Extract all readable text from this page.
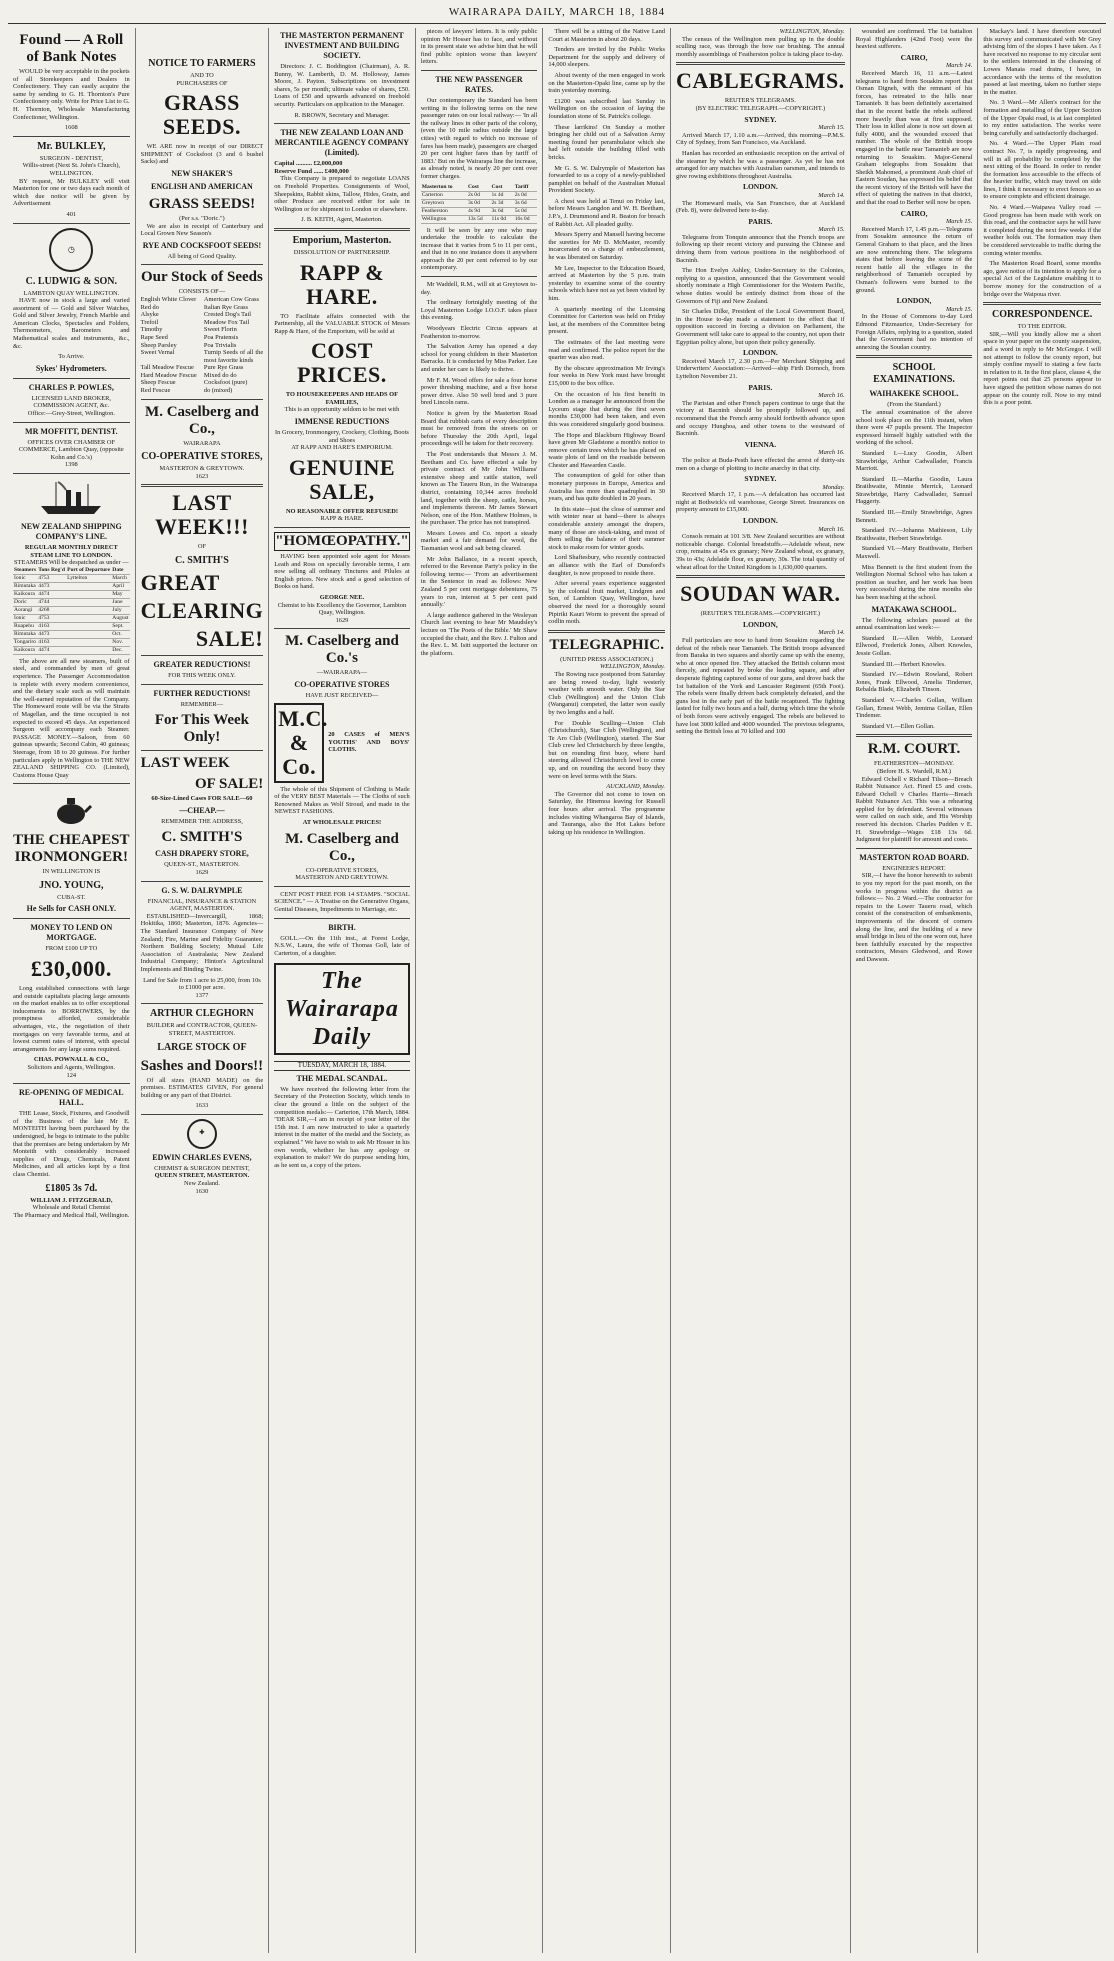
WAIRARAPA DAILY, MARCH 18, 1884
Found — A Roll of Bank Notes
WOULD be very acceptable in the pockets of all Storekeepers and Dealers in Confectionery. They can easily acquire the same by sending to G. H. Thornton's Pure Confectionery only. Write for Price List to G. H. Thornton, Wholesale Manufacturing Confectioner, Wellington.
1608
Mr. BULKLEY,
SURGEON - DENTIST,
Willis-street (Next St. John's Church), WELLINGTON.
BY request, Mr BULKLEY will visit Masterton for one or two days each month of which due notice will be given by Advertisement
401
◷
C. LUDWIG & SON.
LAMBTON QUAY WELLINGTON.
HAVE now in stock a large and varied assortment of — Gold and Silver Watches, Gold and Silver Jewelry, French Marble and American Clocks, Spectacles and Folders, Thermometers, Barometers and Mathematical scales and instruments, &c., &c.
To Arrive.
Sykes' Hydrometers.
CHARLES P. POWLES,
LICENSED LAND BROKER, COMMISSION AGENT, &c.
Office:—Grey-Street, Wellington.
MR MOFFITT, DENTIST.
OFFICES OVER CHAMBER OF COMMERCE, Lambton Quay, (opposite Kohn and Co.'s)
1398
NEW ZEALAND SHIPPING COMPANY'S LINE.
REGULAR MONTHLY DIRECT STEAM LINE TO LONDON.
STEAMERS Will be despatched as under —
Steamers	Tons Reg'd	Port of Departure	Date
Ionic	4753	Lyttelton	March
Rimutaka	4473		April
Kaikoura	4474		May
Doric	4744		June
Aorangi	4268		July
Ionic	4753		August
Ruapehu	4163		Sept.
Rimutaka	4473		Oct.
Tongariro	4163		Nov.
Kaikoura	4474		Dec.
The above are all new steamers, built of steel, and commanded by men of great experience. The Passenger Accommodation is replete with every modern convenience, and the dietary scale such as will maintain the well-earned reputation of the Company. The Homeward route will be via the Straits of Magellan, and the time occupied is not expected to exceed 45 days. An experienced Surgeon will accompany each Steamer. PASSAGE MONEY.—Saloon, from 60 guineas upwards; Second Cabin, 40 guineas; Steerage, from 18 to 20 guineas. For further particulars apply in Wellington to THE NEW ZEALAND SHIPPING CO. (Limited), Customs House Quay
THE CHEAPEST IRONMONGER!
IN WELLINGTON IS
JNO. YOUNG,
CUBA-ST.
He Sells for CASH ONLY.
MONEY TO LEND ON MORTGAGE.
FROM £100 UP TO
£30,000.
Long established connections with large and outside capitalists placing large amounts on the market enables us to offer exceptional inducements to BORROWERS, by the promptness afforded, considerable advantages, viz., the negotiation of their mortgages on very favorable terms, and at lowest current rates of interest, with special arrangements for any large sums required.
CHAS. POWNALL & CO.,
Solicitors and Agents, Wellington.
124
RE-OPENING OF MEDICAL HALL.
THE Lease, Stock, Fixtures, and Goodwill of the Business of the late Mr E. MONTEITH having been purchased by the undersigned, he begs to intimate to the public that the premises are being undertaken by Mr Monteith with considerably increased supplies of Drugs, Chemicals, Patent Medicines, and all articles kept by a first class Chemist.
£1805 3s 7d.
WILLIAM J. FITZGERALD,
Wholesale and Retail Chemist
The Pharmacy and Medical Hall, Wellington.
NOTICE TO FARMERS
AND TO
PURCHASERS OF
GRASS SEEDS.
WE ARE now in receipt of our DIRECT SHIPMENT of Cocksfoot (3 and 6 bushel Sacks) and
NEW SHAKER'S
ENGLISH AND AMERICAN
GRASS SEEDS!
(Per s.s. "Doric.")
We are also in receipt of Canterbury and Local Grown New Season's
RYE AND COCKSFOOT SEEDS!
All being of Good Quality.
Our Stock of Seeds
CONSISTS OF—
English White Clover	American Cow Grass
Red do	Italian Rye Grass
Alsyke	Crested Dog's Tail
Trefoil	Meadow Fox Tail
Timothy	Sweet Florin
Rape Seed	Poa Pratensis
Sheep Parsley	Poa Trivialis
Sweet Vernal	Turnip Seeds of all the most favorite kinds
Tall Meadow Fescue	Pure Rye Grass
Hard Meadow Fescue	Mixed do do
Sheep Fescue	Cocksfoot (pure)
Red Fescue	do (mixed)
M. Caselberg and Co.,
WAIRARAPA
CO-OPERATIVE STORES,
MASTERTON & GREYTOWN.
1623
LAST WEEK!!!
OF
C. SMITH'S
GREAT
CLEARING
SALE!
GREATER REDUCTIONS!
FOR THIS WEEK ONLY.
FURTHER REDUCTIONS!
REMEMBER—
For This Week Only!
LAST WEEK
OF SALE!
60-Size-Lined Cases FOR SALE—60
—CHEAP.—
REMEMBER THE ADDRESS,
C. SMITH'S
CASH DRAPERY STORE,
QUEEN-ST., MASTERTON.
1629
G. S. W. DALRYMPLE
FINANCIAL, INSURANCE & STATION AGENT, MASTERTON.
ESTABLISHED—Invercargill, 1868; Hokitika, 1860; Masterton, 1876. Agencies—The Standard Insurance Company of New Zealand; Fire, Marine and Fidelity Guarantee; Northern Building Society; Mutual Life Association of Australasia; New Zealand Industrial Company; Hinton's Agricultural Implements and Binding Twine.
Land for Sale from 1 acre to 25,000, from 10s to £1000 per acre.
1377
ARTHUR CLEGHORN
BUILDER and CONTRACTOR, QUEEN-STREET, MASTERTON.
LARGE STOCK OF
Sashes and Doors!!
Of all sizes (HAND MADE) on the premises. ESTIMATES GIVEN, For general building or any part of that District.
1633
✚
EDWIN CHARLES EVENS,
CHEMIST & SURGEON DENTIST,
QUEEN STREET, MASTERTON.
New Zealand.
1630
THE MASTERTON PERMANENT INVESTMENT AND BUILDING SOCIETY.
Directors: J. C. Boddington (Chairman), A. R. Bunny, W. Lamberth, D. M. Holloway, James Moore, J. Payton. Subscriptions on investment shares, 5s per month; ultimate value of shares, £50. Loans of £50 and upwards advanced on freehold security. Particulars on application to the Manager.
R. BROWN, Secretary and Manager.
THE NEW ZEALAND LOAN AND MERCANTILE AGENCY COMPANY (Limited).
Capital .......... £2,000,000
Reserve Fund ...... £400,000
This Company is prepared to negotiate LOANS on Freehold Properties. Consignments of Wool, Sheepskins, Rabbit skins, Tallow, Hides, Grain, and other Produce are received either for sale in Wellington or for shipment to London or elsewhere.
J. B. KEITH, Agent, Masterton.
Emporium, Masterton.
DISSOLUTION OF PARTNERSHIP.
RAPP & HARE.
TO Facilitate affairs connected with the Partnership, all the VALUABLE STOCK of Messrs Rapp & Hare, of the Emporium, will be sold at
COST PRICES.
TO HOUSEKEEPERS AND HEADS OF FAMILIES,
This is an opportunity seldom to be met with
IMMENSE REDUCTIONS
In Grocery, Ironmongery, Crockery, Clothing, Boots and Shoes
AT RAPP AND HARE'S EMPORIUM.
GENUINE SALE,
NO REASONABLE OFFER REFUSED!
RAPP & HARE.
"HOMŒOPATHY."
HAVING been appointed sole agent for Messrs Leath and Ross on specially favorable terms, I am now selling all ordinary Tinctures and Pilules at English prices. New stock and a good selection of Books on hand.
GEORGE NEE.
Chemist to his Excellency the Governor, Lambton Quay, Wellington.
1629
M. Caselberg and Co.'s
—WAIRARAPA—
CO-OPERATIVE STORES
HAVE JUST RECEIVED—
M.C. & Co.
20 CASES of MEN'S YOUTHS' AND BOYS' CLOTHS.
The whole of this Shipment of Clothing is Made of the VERY BEST Materials — The Cloths of such Renowned Makes as Wolf Stroud, and made in the NEWEST FASHIONS.
AT WHOLESALE PRICES!
M. Caselberg and Co.,
CO-OPERATIVE STORES,
MASTERTON AND GREYTOWN.
CENT POST FREE FOR 14 STAMPS. "SOCIAL SCIENCE." — A Treatise on the Generative Organs, Genital Diseases, Impediments to Marriage, etc.
BIRTH.
GOLL.—On the 11th inst., at Forest Lodge, N.S.W., Laura, the wife of Thomas Goll, late of Carterton, of a daughter.
The Wairarapa Daily
TUESDAY, MARCH 18, 1884.
THE MEDAL SCANDAL.
We have received the following letter from the Secretary of the Protection Society, which tends to clear the ground a little on the subject of the competition medals:— Carterton, 17th March, 1884. "DEAR SIR,—I am in receipt of your letter of the 15th inst. I am now instructed to take a quarterly interest in the matter of the medal and the Society, as explained." We have no wish to ask Mr Hosser in his own words, whether he has any apology or explanation to make? We do purpose sending him, as he sent us, a copy of the prizes.
pieces of lawyers' letters. It is only public opinion Mr Hosser has to face, and without in its present state we advise him that he will find public opinion worse than lawyers' letters.
THE NEW PASSENGER RATES.
Our contemporary the Standard has been writing in the following terms on the new passenger rates on our local railway:— 'In all the railway lines in other parts of the colony, (even the 10 mile radius outside the large cities) with regard to which no increase of fares has been made), passengers are charged 20 per cent higher fares than by tariff of 1883.' But on the Wairarapa line the increase, as already noted, is nearly 20 per cent over former charges.
Masterton to	Cost	Cost	Tariff
Carterton	2s 0d	1s 4d	2s 0d
Greytown	3s 0d	2s 3d	3s 6d
Featherston	4s 9d	3s 6d	5s 0d
Wellington	13s 5d	11s 0d	16s 0d
It will be seen by any one who may undertake the trouble to calculate the increase that it varies from 5 to 11 per cent., and that in no one instance does it anywhere approach the 20 per cent referred to by our contemporary.
Mr Waddell, R.M., will sit at Greytown to-day.
The ordinary fortnightly meeting of the Loyal Masterton Lodge I.O.O.F. takes place this evening.
Woodyears Electric Circus appears at Featherston to-morrow.
The Salvation Army has opened a day school for young children in their Masterton Barracks. It is conducted by Miss Parker. Lee and under her care is likely to thrive.
Mr F. M. Wood offers for sale a four horse power threshing machine, and a five horse power drive. Also 50 well bred and 3 pure bred Lincoln rams.
Notice is given by the Masterton Road Board that rubbish carts of every description must be removed from the streets on or before Thursday the 20th April, legal proceedings will be taken for their recovery.
The Post understands that Messrs J. M. Beetham and Co. have effected a sale by private contract of Mr John Williams' extensive sheep and cattle station, well known as The Taueru Run, in the Wairarapa district, containing 10,344 acres freehold land, together with the sheep, cattle, horses, and implements thereon. Mr James Stewart Nelson, one of the Hon. Matthew Holmes, is the purchaser. The price has not transpired.
Messrs Lowes and Co. report a steady market and a fair demand for wool, the Tasmanian wool and salt being cleared.
Mr John Ballance, in a recent speech, referred to the Revenue Party's policy in the following terms:— 'From an advertisement in the Sentence in read as follows: New Zealand 5 per cent mortgage debentures, 75 years to run, interest at 5 per cent paid annually.'
A large audience gathered in the Wesleyan Church last evening to hear Mr Maudsley's lecture on 'The Poets of the Bible.' Mr Shaw occupied the chair, and the Rev. J. Fulton and the Rev. L. M. Isitt supported the lecturer on the platform.
There will be a sitting of the Native Land Court at Masterton in about 20 days.
Tenders are invited by the Public Works Department for the supply and delivery of 14,000 sleepers.
About twenty of the men engaged in work on the Masterton-Opaki line, came up by the train yesterday morning.
£1200 was subscribed last Sunday in Wellington on the occasion of laying the foundation stone of St. Patrick's college.
These larrikins! On Sunday a mother bringing her child out of a Salvation Army meeting found her perambulator which she had left outside the building filled with bricks.
Mr G. S. W. Dalrymple of Masterton has forwarded to us a copy of a newly-published pamphlet on behalf of the Australian Mutual Provident Society.
A chest was held at Tenui on Friday last, before Messrs Langdon and W. H. Beetham, J.P.'s, J. Drummond and R. Beaton for breach of Rabbit Act. All pleaded guilty.
Messrs Sperry and Mansell having become the sureties for Mr D. McMaster, recently incarcerated on a charge of embezzlement, he was liberated on Saturday.
Mr Lee, Inspector to the Education Board, arrived at Masterton by the 5 p.m. train yesterday to examine some of the country schools which have not as yet been visited by him.
A quarterly meeting of the Licensing Committee for Carterton was held on Friday last, at the members of the Committee being present.
The estimates of the last meeting were read and confirmed. The police report for the quarter was also read.
By the obscure approximation Mr Irving's four weeks in New York must have brought £15,000 to the box office.
On the occasion of his first benefit in London as a manager he announced from the Lyceum stage that during the first seven months £30,000 had been taken, and even this was considered singularly good business.
The Hope and Blackburn Highway Board have given Mr Gladstone a month's notice to remove certain trees which he has placed on waste plots of land on the roadside between Chester and Hawarden Castle.
The consumption of gold for other than monetary purposes in Europe, America and Australia has more than quadrupled in 30 years, and has quite doubled in 20 years.
In this state—just the close of summer and with winter near at hand—there is always considerable anxiety amongst the drapers, many of those are stock-taking, and most of them selling the balance of their summer stock to make room for winter goods.
Lord Shaftesbury, who recently contracted an alliance with the Earl of Dunsford's daughter, is now proposed to reside there.
After several years experience suggested by the colonial fruit market, Lindgren and Son, of Lambton Quay, Wellington, have observed the need for a thoroughly sound Pipiriki Kauri Worm to prevent the spread of codlin moth.
TELEGRAPHIC.
(UNITED PRESS ASSOCIATION.)
WELLINGTON, Monday.
The Rowing race postponed from Saturday are being rowed to-day, light westerly weather with smooth water. Only the Star Club (Wellington) and the Union Club (Wanganui) competed, the latter won easily by two lengths and a half.
For Double Sculling—Union Club (Christchurch), Star Club (Wellington), and Te Aro Club (Wellington), started. The Star Club crew led Christchurch by three lengths, but on rounding first buoy, where hard steering allowed Christchurch level to come up, and on rounding the second buoy they were on level terms with the Stars.
AUCKLAND, Monday.
The Governor did not come to town on Saturday, the Hinemoa leaving for Russell four hours after arrival. The programme includes visiting Whangaroa Bay of Islands, and Tauranga, also the Hot Lakes before taking up his residence in Wellington.
WELLINGTON, Monday.
The census of the Wellington men pulling up in the double sculling race, was through the bow oar brushing. The annual monthly assemblings of Featherston police is taking place to-day.
CABLEGRAMS.
REUTER'S TELEGRAMS.
(BY ELECTRIC TELEGRAPH.—COPYRIGHT.)
SYDNEY.
March 15.
Arrived March 17, 1.10 a.m.—Arrived, this morning—P.M.S. City of Sydney, from San Francisco, via Auckland.
Hanlan has recorded an enthusiastic reception on the arrival of the steamer by which he was a passenger. As yet he has not arranged for any matches with Australian oarsmen, and intends to give rowing exhibitions throughout Australia.
LONDON.
March 14.
The Homeward mails, via San Francisco, due at Auckland (Feb. 8), were delivered here to-day.
PARIS.
March 15.
Telegrams from Tonquin announce that the French troops are following up their recent victory and pursuing the Chinese and driving them from various positions in the neighborhood of Bacninh.
The Hon Evelyn Ashley, Under-Secretary to the Colonies, replying to a question, announced that the Government would shortly nominate a High Commissioner for the Western Pacific, whose duties would be entirely distinct from those of the Governors of Fiji and New Zealand.
Sir Charles Dilke, President of the Local Government Board, in the House to-day made a statement to the effect that if opposition succeed in forcing a division on Parliament, the Government will take care to appeal to the country, not upon their Egyptian policy alone, but upon their policy generally.
LONDON.
Received March 17, 2.30 p.m.—Per Merchant Shipping and Underwriters' Association:—Arrived—ship Firth Dornoch, from Lyttelton November 21.
PARIS.
March 16.
The Parisian and other French papers continue to urge that the victory at Bacninh should be promptly followed up, and recommend that the French army should forthwith advance upon and occupy Hunghoa, and other towns to the westward of Bacninh.
VIENNA.
March 16.
The police at Buda-Pesth have effected the arrest of thirty-six men on a charge of plotting to incite anarchy in that city.
SYDNEY.
Monday.
Received March 17, 1 p.m.—A defalcation has occurred last night at Bothwick's oil warehouse, George Street. Insurances on property amount to £15,000.
LONDON.
March 16.
Consols remain at 101 3/8. New Zealand securities are without noticeable change. Colonial breadstuffs.—Adelaide wheat, new crop, remains at 45s ex granary; New Zealand wheat, ex granary, 39s to 43s; Adelaide flour, ex granary, 30s. The total quantity of wheat afloat for the United Kingdom is 1,630,000 quarters.
SOUDAN WAR.
(REUTER'S TELEGRAMS.—COPYRIGHT.)
LONDON,
March 14.
Full particulars are now to hand from Souakim regarding the defeat of the rebels near Tamanieb. The British troops advanced from Baraka in two squares and shortly came up with the enemy, who at once opened fire. They attacked the British column most fiercely, and repeated by broke the leading square, and after desperate fighting captured some of our guns, and drove back the 1st battalion of the York and Lancaster Regiment (65th Foot). The rebels were finally driven back completely defeated, and the guns lost in the early part of the battle recaptured. The fighting lasted for fully two hours and a half, during which time the whole of both forces were actively engaged. The rebels are believed to have lost 3000 killed and 4000 wounded. The previous telegrams, setting the British loss at 70 killed and 100
wounded are confirmed. The 1st battalion Royal Highlanders (42nd Foot) were the heaviest sufferers.
CAIRO,
March 14.
Received March 16, 11 a.m.—Latest telegrams to hand from Souakim report that Osman Digneh, with the remnant of his forces, has retreated to the hills near Tamanieb. It has been definitely ascertained that in the recent battle the rebels suffered more heavily than was at first supposed. Their loss in killed alone is now set down at fully 4000, and the wounded exceed that number. The whole of the British troops engaged in the battle near Tamanieb are now returning to Souakim. Major-General Graham telegraphs from Souakim that Sheikh Mahomed, a prominent Arab chief of Eastern Soudan, has expressed his belief that the recent victory of the British will have the effect of quieting the natives in that district, and that the road to Berber will now be open.
CAIRO,
March 15.
Received March 17, 1.45 p.m.—Telegrams from Souakim announce the return of General Graham to that place, and the lines are now entrenching there. The telegrams states that before leaving the scene of the recent battle all the villages in the neighborhood of Tamanieb occupied by Osman's followers were burned to the ground.
LONDON,
March 15.
In the House of Commons to-day Lord Edmond Fitzmaurice, Under-Secretary for Foreign Affairs, replying to a question, stated that the Government had no intention of annexing the Soudan country.
SCHOOL EXAMINATIONS.
WAIHAKEKE SCHOOL.
(From the Standard.)
The annual examination of the above school took place on the 11th instant, when there were 47 pupils present. The Inspector expressed himself highly satisfied with the working of the school.
Standard I.—Lucy Goodin, Albert Strawbridge, Arthur Cadwallader, Francis Marriott.
Standard II.—Martha Goodin, Laura Braithwaite, Minnie Merrick, Leonard Strawbridge, Harry Cadwallader, Samuel Haggerty.
Standard III.—Emily Strawbridge, Agnes Bennett.
Standard IV.—Johanna Mathieson, Lily Braithwaite, Herbert Strawbridge.
Standard VI.—Mary Braithwaite, Herbert Maxwell.
Miss Bennett is the first student from the Wellington Normal School who has taken a position as teacher, and her work has been very successful during the nine months she has been teaching at the school.
MATAKAWA SCHOOL.
The following scholars passed at the annual examination last week:—
Standard II.—Allen Webb, Leonard Ellwood, Frederick Jones, Albert Knowles, Jessie Gollan.
Standard III.—Herbert Knowles.
Standard IV.—Edwin Rowland, Robert Jones, Frank Ellwood, Amelia Tindemer, Rebalda Blade, Elizabeth Tinson.
Standard V.—Charles Gollan, William Gollan, Ernest Webb, Jemima Gollan, Ellen Tindemer.
Standard VI.—Ellen Gollan.
R.M. COURT.
FEATHERSTON—MONDAY.
(Before H. S. Wardell, R.M.)
Edward Ochell v Richard Tilson—Breach Rabbit Nuisance Act. Fined £5 and costs. Edward Ochell v Charles Harris—Breach Rabbit Nuisance Act. This was a rehearing applied for by defendant. Several witnesses were called on each side, and His Worship reserved his decision. Charles Pudden v E. H. Strawbridge—Wages £18 13s 6d. Judgment for plaintiff for amount and costs.
MASTERTON ROAD BOARD.
ENGINEER'S REPORT.
SIR,—I have the honor herewith to submit to you my report for the past month, on the works in progress within the district as follows:— No. 2 Ward.—The contractor for repairs to the Lower Taueru road, which consist of the construction of embankments, improvements of the descent of corners along the line, and the building of a new small bridge in lieu of the one worn out, have been faithfully executed by the respective contractors, Messrs Gledwood, and Rowe and Dawson.
Mackay's land. I have therefore executed this survey and communicated with Mr Grey advising him of the slopes I have taken. As I have received no response to my circular sent to the settlers interested in the cleansing of Lowes Manaia road drains, I have, in accordance with the terms of the resolution passed at last meeting, taken no further steps in the matter.
No. 3 Ward.—Mr Allen's contract for the formation and metalling of the Upper Section of the Upper Opaki road, is at last completed to my entire satisfaction. The works were being carefully and satisfactorily discharged.
No. 4 Ward.—The Upper Plain road contract No. 7, is rapidly progressing, and will in all probability be completed by the next sitting of the Board. In order to render the formation less accessible to the effects of the heavier traffic, which may travel on side lines, I think it necessary to erect fences so as to ensure complete and efficient drainage.
No. 4 Ward.—Waipawa Valley road — Good progress has been made with work on this road, and the contractor says he will have it completed during the next few weeks if the weather holds out. The formation may then be considered serviceable to traffic during the coming winter months.
The Masterton Road Board, some months ago, gave notice of its intention to apply for a special Act of the Legislature enabling it to borrow money for the construction of a bridge over the Waipoua river.
CORRESPONDENCE.
TO THE EDITOR.
SIR,—Will you kindly allow me a short space in your paper on the county suspension, and a word in reply to Mr McGregor. I will not attempt to follow the county report, but simply confine myself to stating a few facts in relation to it. In the first place, clause 4, the report points out that 25 persons appear to have signed the petition whose names do not appear on the county roll. Now to my mind this is a poor point.
